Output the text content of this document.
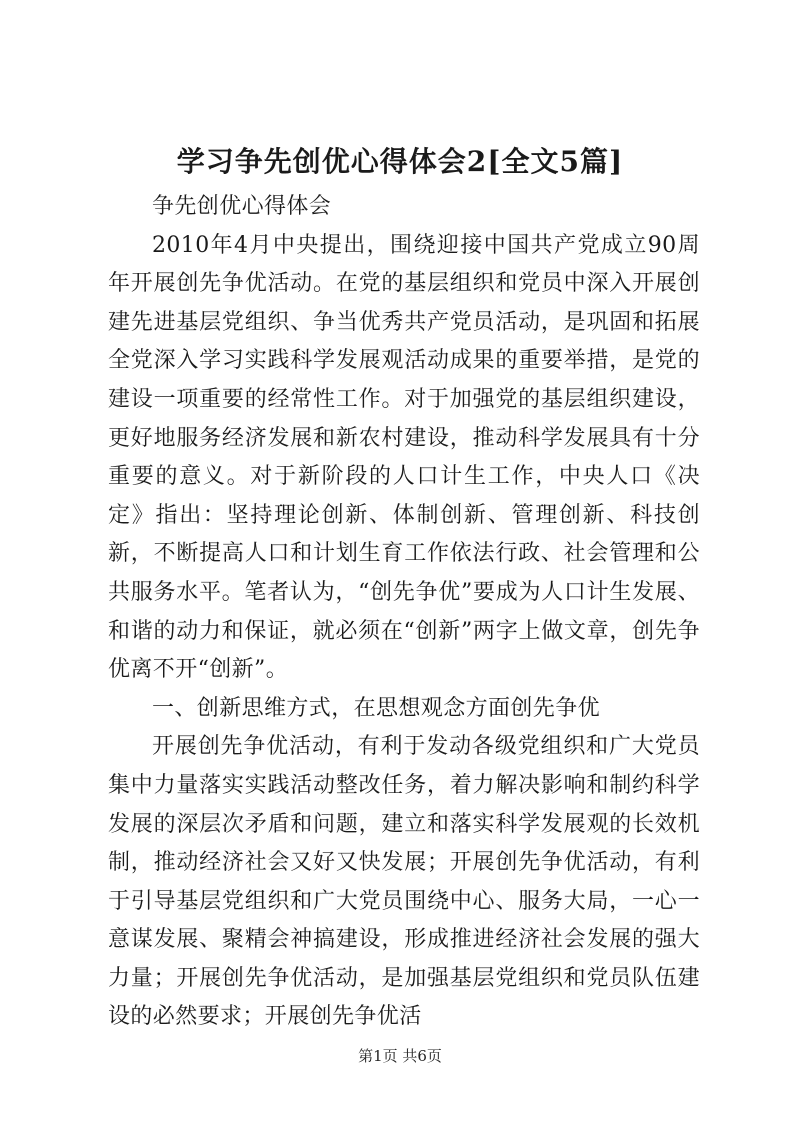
学习争先创优心得体会2[全文5篇]

争先创优心得体会

2010年4月中央提出，围绕迎接中国共产党成立90周年开展创先争优活动。在党的基层组织和党员中深入开展创建先进基层党组织、争当优秀共产党员活动，是巩固和拓展全党深入学习实践科学发展观活动成果的重要举措，是党的建设一项重要的经常性工作。对于加强党的基层组织建设，更好地服务经济发展和新农村建设，推动科学发展具有十分重要的意义。对于新阶段的人口计生工作，中央人口《决定》指出：坚持理论创新、体制创新、管理创新、科技创新，不断提高人口和计划生育工作依法行政、社会管理和公共服务水平。笔者认为，“创先争优”要成为人口计生发展、和谐的动力和保证，就必须在“创新”两字上做文章，创先争优离不开“创新”。

一、创新思维方式，在思想观念方面创先争优

开展创先争优活动，有利于发动各级党组织和广大党员集中力量落实实践活动整改任务，着力解决影响和制约科学发展的深层次矛盾和问题，建立和落实科学发展观的长效机制，推动经济社会又好又快发展；开展创先争优活动，有利于引导基层党组织和广大党员围绕中心、服务大局，一心一意谋发展、聚精会神搞建设，形成推进经济社会发展的强大力量；开展创先争优活动，是加强基层党组织和党员队伍建设的必然要求；开展创先争优活

第1页 共6页
